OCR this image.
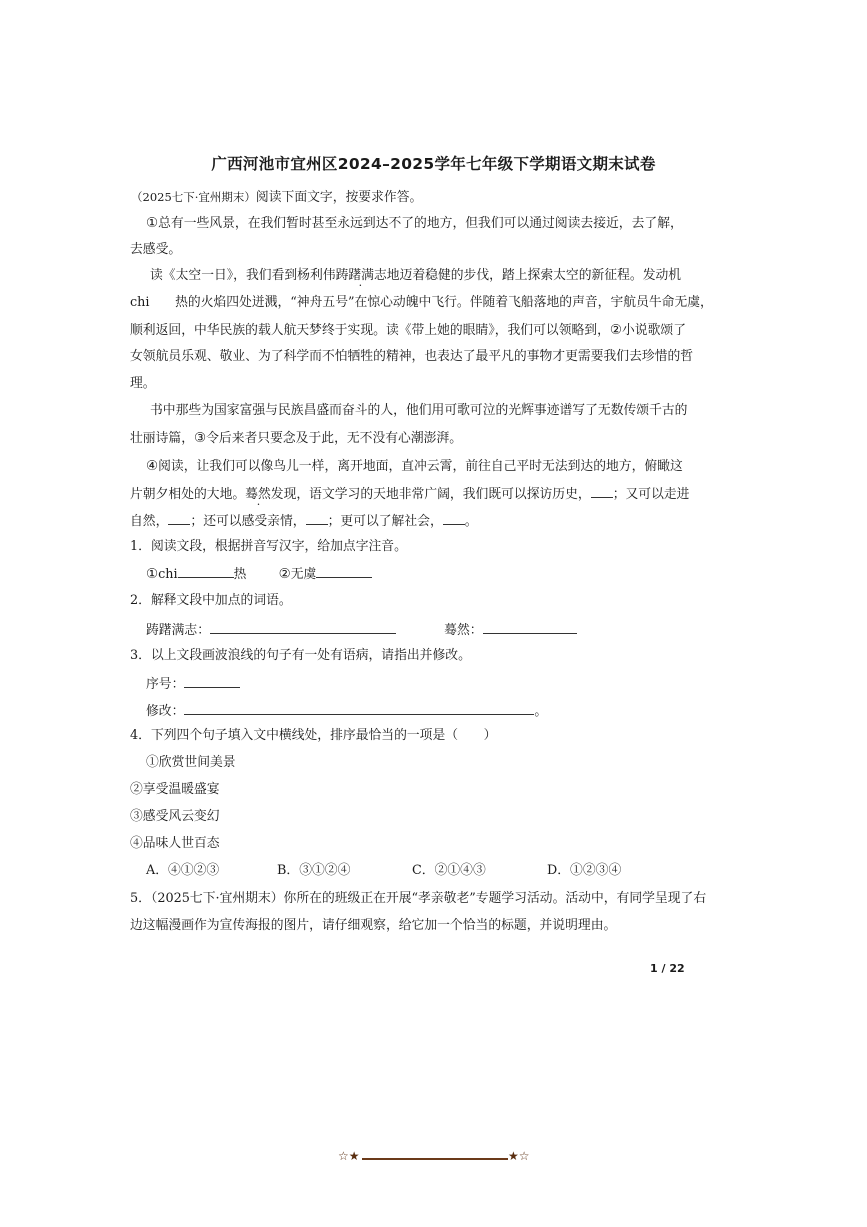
广西河池市宜州区2024–2025学年七年级下学期语文期末试卷
（2025七下·宜州期末）阅读下面文字，按要求作答。
①总有一些风景，在我们暂时甚至永远到达不了的地方，但我们可以通过阅读去接近，去了解，
去感受。
读《太空一日》，我们看到杨利伟踌躇满志地迈着稳健的步伐，踏上探索太空的新征程。发动机
chi　　热的火焰四处迸溅，“神舟五号”在惊心动魄中飞行。伴随着飞船落地的声音，宇航员牛命无虞，
顺利返回，中华民族的载人航天梦终于实现。读《带上她的眼睛》，我们可以领略到，②小说歌颂了
女领航员乐观、敬业、为了科学而不怕牺牲的精神，也表达了最平凡的事物才更需要我们去珍惜的哲
理。
书中那些为国家富强与民族昌盛而奋斗的人，他们用可歌可泣的光辉事迹谱写了无数传颂千古的
壮丽诗篇，③令后来者只要念及于此，无不没有心潮澎湃。
④阅读，让我们可以像鸟儿一样，离开地面，直冲云霄，前往自己平时无法到达的地方，俯瞰这
片朝夕相处的大地。蓦然发现，语文学习的天地非常广阔，我们既可以探访历史， ；又可以走进
自然， ；还可以感受亲情， ；更可以了解社会， 。
1．阅读文段，根据拼音写汉字，给加点字注音。
①chi	热 ②无虞
2．解释文段中加点的词语。
踌躇满志：	蓦然：
3．以上文段画波浪线的句子有一处有语病，请指出并修改。
序号：
修改：	。
4．下列四个句子填入文中横线处，排序最恰当的一项是（　　）
①欣赏世间美景
②享受温暖盛宴
③感受风云变幻
④品味人世百态
A．④①②③	B．③①②④	C．②①④③	D．①②③④
5．（2025七下·宜州期末）你所在的班级正在开展“孝亲敬老”专题学习活动。活动中，有同学呈现了右
边这幅漫画作为宣传海报的图片，请仔细观察，给它加一个恰当的标题，并说明理由。
1 / 22
☆★	★☆
